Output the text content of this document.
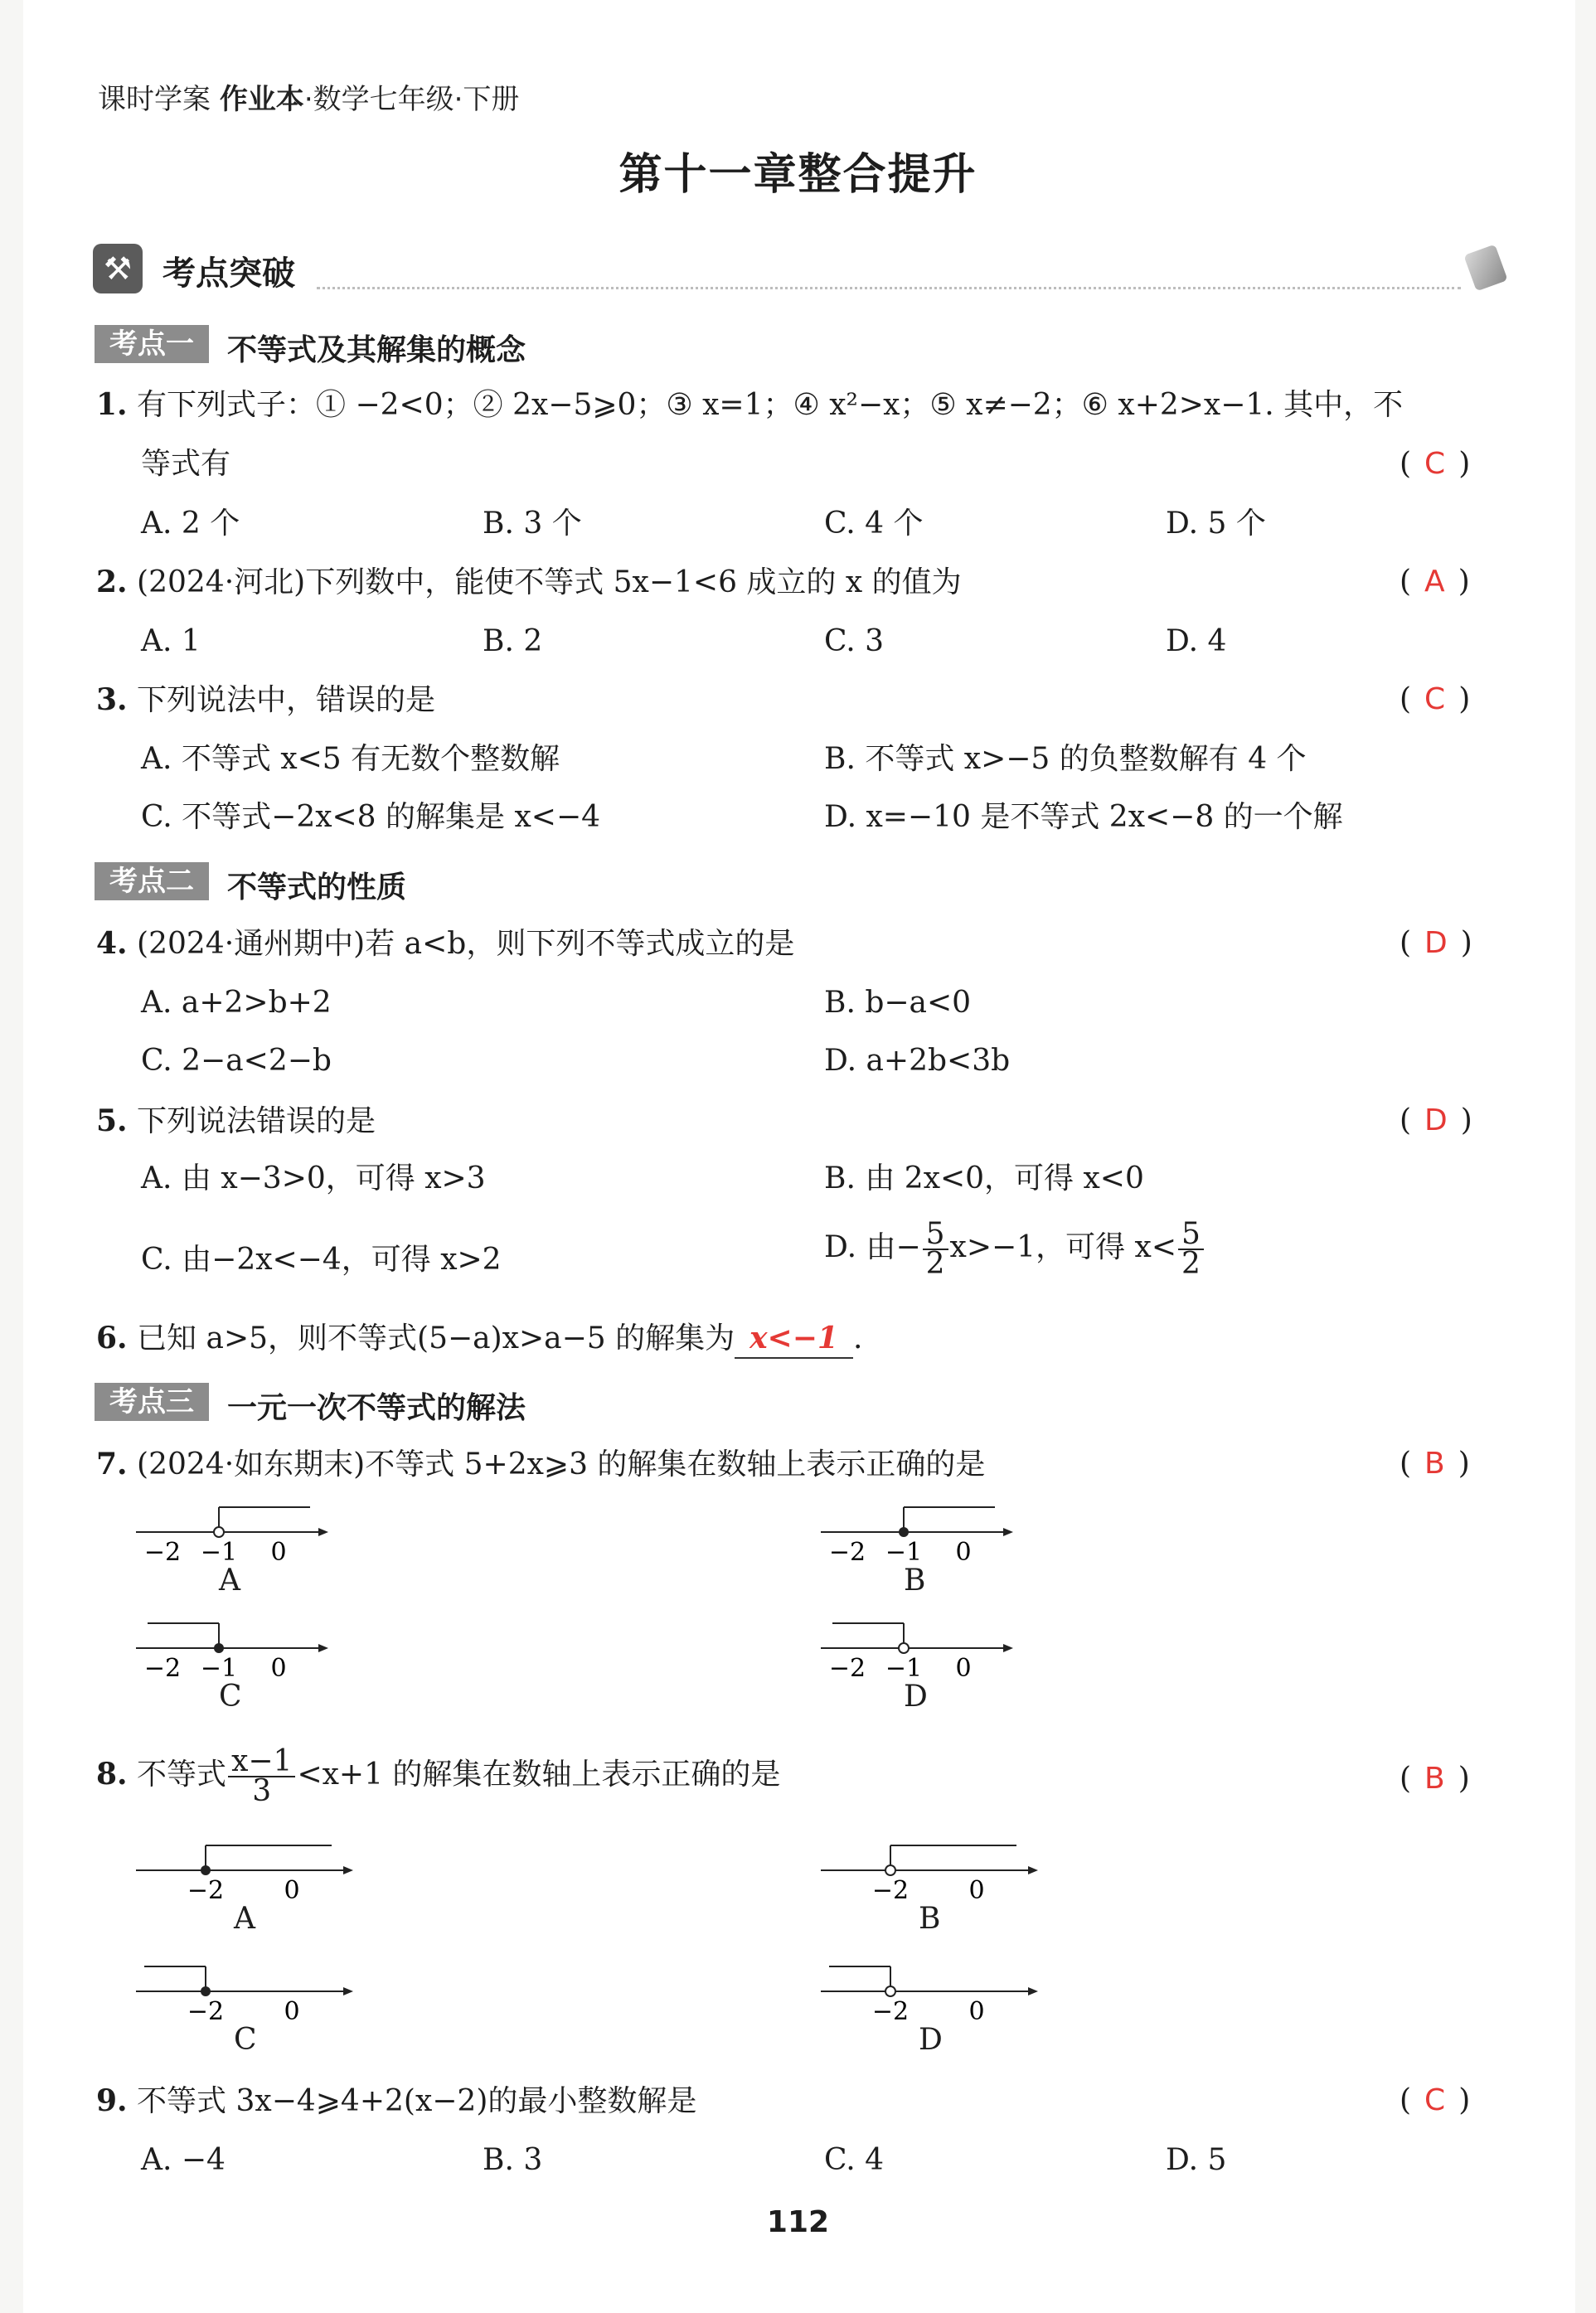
课时学案 作业本·数学七年级·下册
第十一章整合提升
⚒ 考点突破
考点一	不等式及其解集的概念
1. 有下列式子：① −2<0；② 2x−5⩾0；③ x=1；④ x²−x；⑤ x≠−2；⑥ x+2>x−1. 其中，不
等式有	( C )
A. 2 个	B. 3 个	C. 4 个	D. 5 个
2. (2024·河北)下列数中，能使不等式 5x−1<6 成立的 x 的值为	( A )
A. 1	B. 2	C. 3	D. 4
3. 下列说法中，错误的是	( C )
A. 不等式 x<5 有无数个整数解	B. 不等式 x>−5 的负整数解有 4 个
C. 不等式−2x<8 的解集是 x<−4	D. x=−10 是不等式 2x<−8 的一个解
考点二	不等式的性质
4. (2024·通州期中)若 a<b，则下列不等式成立的是	( D )
A. a+2>b+2	B. b−a<0
C. 2−a<2−b	D. a+2b<3b
5. 下列说法错误的是	( D )
A. 由 x−3>0，可得 x>3	B. 由 2x<0，可得 x<0
C. 由−2x<−4，可得 x>2	D. 由− $\frac{5}{2} x>-1$，可得 $x< \frac{5}{2}$
6. 已知 a>5，则不等式(5−a)x>a−5 的解集为 x<−1 .
考点三	一元一次不等式的解法
7. (2024·如东期末)不等式 5+2x⩾3 的解集在数轴上表示正确的是	( B )
−2 −1 0
A
−2 −1 0
B
−2 −1 0
C
−2 −1 0
D
8. 不等式 $\frac{x-1}{3} <x+1$ 的解集在数轴上表示正确的是	( B )
−2 0
A
−2 0
B
−2 0
C
−2 0
D
9. 不等式 3x−4⩾4+2(x−2)的最小整数解是	( C )
A. −4	B. 3	C. 4	D. 5
112
